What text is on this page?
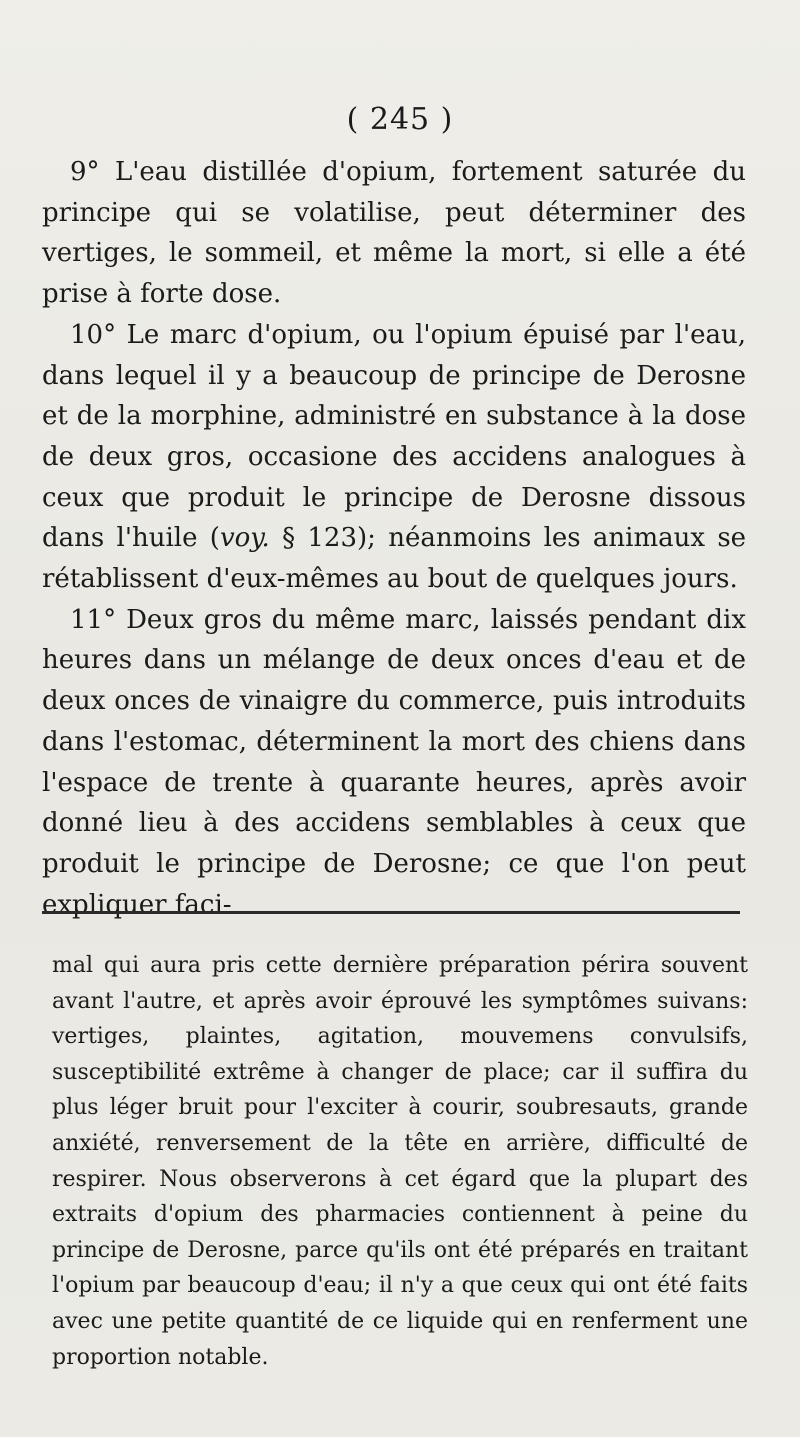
( 245 )

9° L'eau distillée d'opium, fortement saturée du principe qui se volatilise, peut déterminer des vertiges, le sommeil, et même la mort, si elle a été prise à forte dose.

10° Le marc d'opium, ou l'opium épuisé par l'eau, dans lequel il y a beaucoup de principe de Derosne et de la morphine, administré en substance à la dose de deux gros, occasione des accidens analogues à ceux que produit le principe de Derosne dissous dans l'huile (voy. § 123); néanmoins les animaux se rétablissent d'eux-mêmes au bout de quelques jours.

11° Deux gros du même marc, laissés pendant dix heures dans un mélange de deux onces d'eau et de deux onces de vinaigre du commerce, puis introduits dans l'estomac, déterminent la mort des chiens dans l'espace de trente à quarante heures, après avoir donné lieu à des accidens semblables à ceux que produit le principe de Derosne; ce que l'on peut expliquer faci-

mal qui aura pris cette dernière préparation périra souvent avant l'autre, et après avoir éprouvé les symptômes suivans: vertiges, plaintes, agitation, mouvemens convulsifs, susceptibilité extrême à changer de place; car il suffira du plus léger bruit pour l'exciter à courir, soubresauts, grande anxiété, renversement de la tête en arrière, difficulté de respirer. Nous observerons à cet égard que la plupart des extraits d'opium des pharmacies contiennent à peine du principe de Derosne, parce qu'ils ont été préparés en traitant l'opium par beaucoup d'eau; il n'y a que ceux qui ont été faits avec une petite quantité de ce liquide qui en renferment une proportion notable.
